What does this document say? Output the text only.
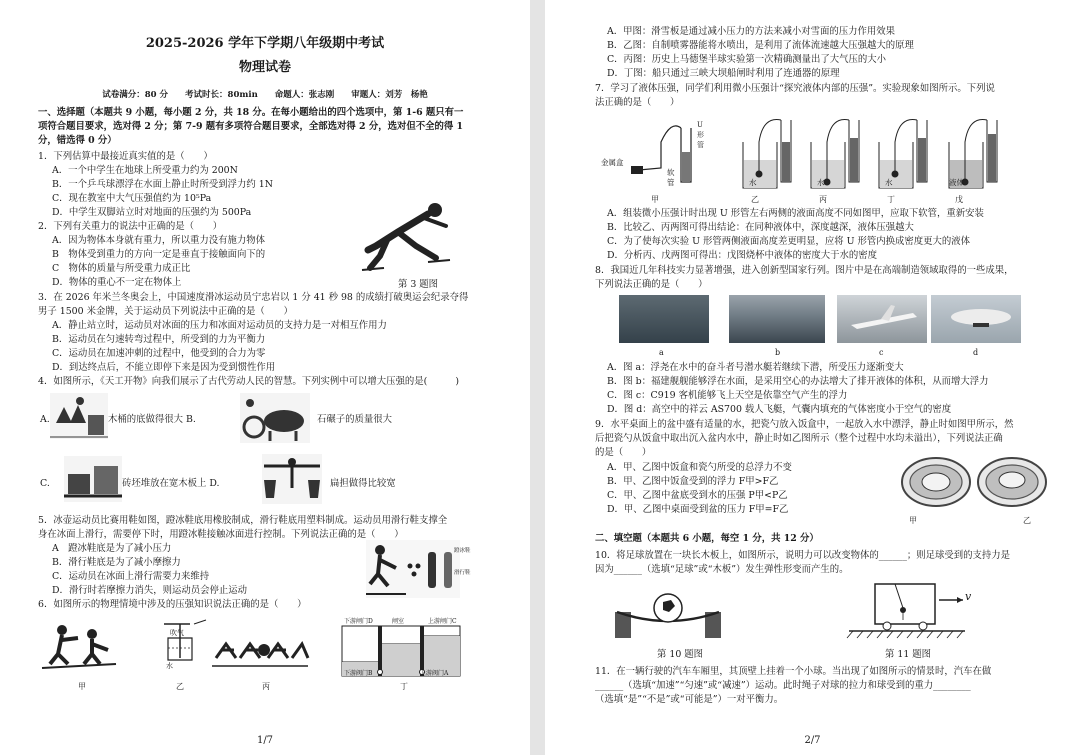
2025-2026 学年下学期八年级期中考试
物理试卷
试卷满分：80 分　　考试时长：80min　　命题人：张志刚　　审题人：刘芳　杨艳
一、选择题（本题共 9 小题，每小题 2 分，共 18 分。在每小题给出的四个选项中，第 1-6 题只有一
项符合题目要求，选对得 2 分；第 7-9 题有多项符合题目要求，全部选对得 2 分，选对但不全的得 1
分，错选得 0 分）
1．下列估算中最接近真实值的是（　　）
A．一个中学生在地球上所受重力约为 200N
B．一个乒乓球漂浮在水面上静止时所受到浮力约 1N
C．现在教室中大气压强值约为 10⁵Pa
D．中学生双脚站立时对地面的压强约为 500Pa
2．下列有关重力的说法中正确的是（　　）
A．因为物体本身就有重力，所以重力没有施力物体
B　物体受到重力的方向一定是垂直于接触面向下的
C　物体的质量与所受重力成正比
D．物体的重心不一定在物体上	第 3 题图
3．在 2026 年米兰冬奥会上，中国速度滑冰运动员宁忠岩以 1 分 41 秒 98 的成绩打破奥运会纪录夺得
男子 1500 米金牌，关于运动员下列说法中正确的是（　　）
A．静止站立时，运动员对冰面的压力和冰面对运动员的支持力是一对相互作用力
B．运动员在匀速转弯过程中，所受到的力为平衡力
C．运动员在加速冲刺的过程中，他受到的合力为零
D．到达终点后，不能立即停下来是因为受到惯性作用
4．如图所示，《天工开物》向我们展示了古代劳动人民的智慧。下列实例中可以增大压强的是(　　　)
A.	木桶的底做得很大 B.	石碾子的质量很大
C.	砖坯堆放在宽木板上 D.	扁担做得比较宽
5．冰壶运动员比赛用鞋如图，蹬冰鞋底用橡胶制成，滑行鞋底用塑料制成。运动员用滑行鞋支撑全
身在冰面上滑行，需要停下时，用蹬冰鞋接触冰面进行控制。下列说法正确的是（　　）
A　蹬冰鞋底是为了减小压力
B．滑行鞋底是为了减小摩擦力
C．运动员在冰面上滑行需要力来维持
D．滑行时若摩擦力消失，则运动员会停止运动
蹬冰鞋
滑行鞋
6．如图所示的物理情境中涉及的压强知识说法正确的是（　　）
吹气
水
下游闸门D	闸室	上游闸门C
下游阀门B	上游阀门A
甲	乙	丙	丁
1/7
A．甲图：滑雪板是通过减小压力的方法来减小对雪面的压力作用效果
B．乙图：自制喷雾器能将水喷出，是利用了流体流速越大压强越大的原理
C．丙图：历史上马德堡半球实验第一次精确测量出了大气压的大小
D．丁图：船只通过三峡大坝船闸时利用了连通器的原理
7．学习了液体压强，同学们利用微小压强计“探究液体内部的压强”。实验现象如图所示。下列说
法正确的是（　　）
U
形
管
金属盒
软
管	水	水	水	液体
甲	乙	丙	丁	戊
A．组装微小压强计时出现 U 形管左右两侧的液面高度不同如图甲，应取下软管，重新安装
B．比较乙、丙两图可得出结论：在同种液体中，深度越深，液体压强越大
C．为了使每次实验 U 形管两侧液面高度差更明显，应将 U 形管内换成密度更大的液体
D．分析丙、戊两图可得出：戊图烧杯中液体的密度大于水的密度
8．我国近几年科技实力显著增强，进入创新型国家行列。图片中是在高端制造领域取得的一些成果，
下列说法正确的是（　　）
a	b	c	d
A．图 a：浮尧在水中的奋斗者号潜水艇若继续下潜，所受压力逐渐变大
B．图 b：福建舰舰能够浮在水面，是采用空心的办法增大了排开液体的体积，从而增大浮力
C．图 c：C919 客机能够飞上天空是依靠空气产生的浮力
D．图 d：高空中的祥云 AS700 载人飞艇，气囊内填充的气体密度小于空气的密度
9．水平桌面上的盆中盛有适量的水，把瓷勺放入饭盒中，一起放入水中漂浮，静止时如图甲所示，然
后把瓷勺从饭盒中取出沉入盆内水中，静止时如乙图所示（整个过程中水均未溢出），下列说法正确
的是（　　）
A．甲、乙图中饭盒和瓷勺所受的总浮力不变
B．甲、乙图中饭盒受到的浮力 F甲>F乙
C．甲、乙图中盆底受到水的压强 P甲<P乙
D．甲、乙图中桌面受到盆的压力 F甲=F乙
甲	乙
二、填空题（本题共 6 小题，每空 1 分，共 12 分）
10．将足球放置在一块长木板上，如图所示，说明力可以改变物体的______；则足球受到的支持力是
因为______（选填“足球”或“木板”）发生弹性形变而产生的。
第 10 题图
v
第 11 题图
11．在一辆行驶的汽车车厢里，其顶壁上挂着一个小球。当出现了如图所示的情景时，汽车在做
______（选填“加速”“匀速”或“减速”）运动。此时绳子对球的拉力和球受到的重力________
（选填“是”“不是”或“可能是”）一对平衡力。
2/7
